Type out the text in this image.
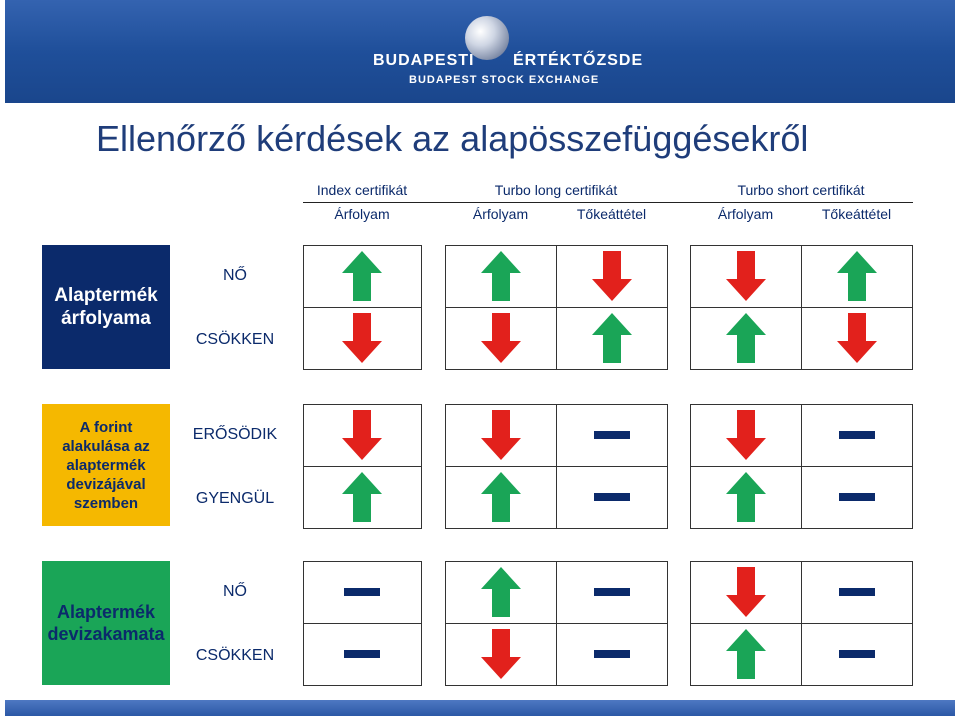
BUDAPESTI ÉRTÉKTŐZSDE
BUDAPEST STOCK EXCHANGE
Ellenőrző kérdések az alapösszefüggésekről
Index certifikát
Árfolyam
Turbo long certifikát
Árfolyam	Tőkeáttétel
Turbo short certifikát
Árfolyam	Tőkeáttétel
Alaptermék árfolyama
A forint alakulása az alaptermék devizájával szemben
Alaptermék devizakamata
NŐ
CSÖKKEN
ERŐSÖDIK
GYENGÜL
NŐ
CSÖKKEN
